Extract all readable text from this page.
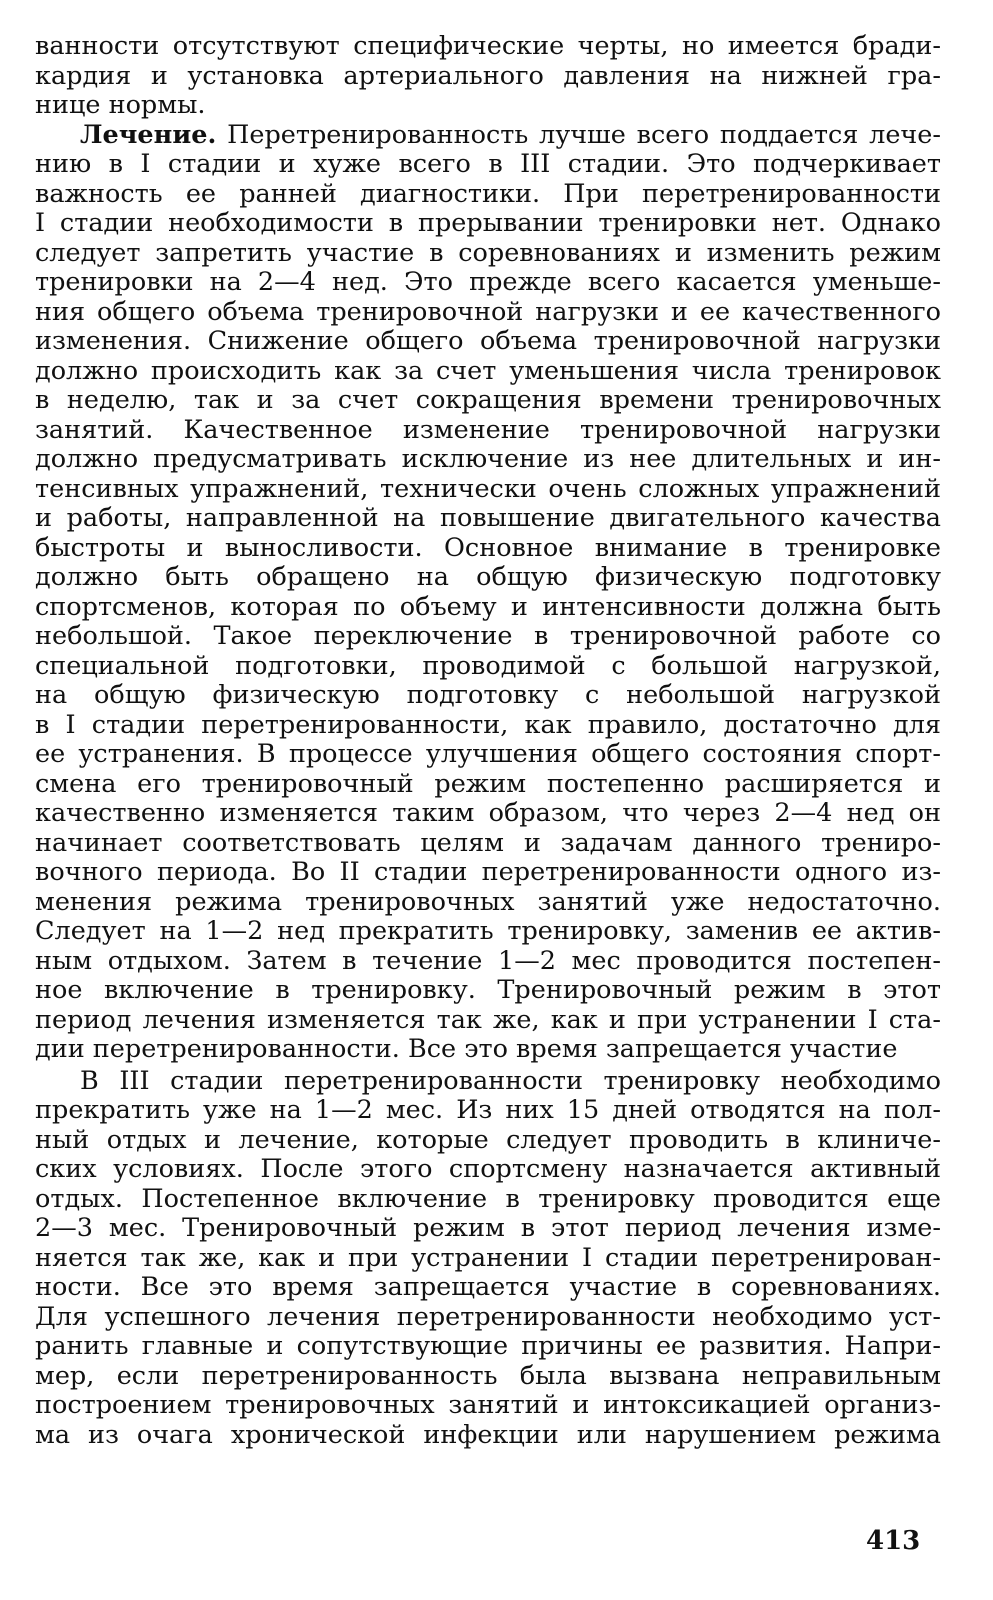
ванности отсутствуют специфические черты, но имеется бради-
кардия и установка артериального давления на нижней гра-
нице нормы.
Лечение. Перетренированность лучше всего поддается лече-
нию в I стадии и хуже всего в III стадии. Это подчеркивает
важность ее ранней диагностики. При перетренированности
I стадии необходимости в прерывании тренировки нет. Однако
следует запретить участие в соревнованиях и изменить режим
тренировки на 2—4 нед. Это прежде всего касается уменьше-
ния общего объема тренировочной нагрузки и ее качественного
изменения. Снижение общего объема тренировочной нагрузки
должно происходить как за счет уменьшения числа тренировок
в неделю, так и за счет сокращения времени тренировочных
занятий. Качественное изменение тренировочной нагрузки
должно предусматривать исключение из нее длительных и ин-
тенсивных упражнений, технически очень сложных упражнений
и работы, направленной на повышение двигательного качества
быстроты и выносливости. Основное внимание в тренировке
должно быть обращено на общую физическую подготовку
спортсменов, которая по объему и интенсивности должна быть
небольшой. Такое переключение в тренировочной работе со
специальной подготовки, проводимой с большой нагрузкой,
на общую физическую подготовку с небольшой нагрузкой
в I стадии перетренированности, как правило, достаточно для
ее устранения. В процессе улучшения общего состояния спорт-
смена его тренировочный режим постепенно расширяется и
качественно изменяется таким образом, что через 2—4 нед он
начинает соответствовать целям и задачам данного трениро-
вочного периода. Во II стадии перетренированности одного из-
менения режима тренировочных занятий уже недостаточно.
Следует на 1—2 нед прекратить тренировку, заменив ее актив-
ным отдыхом. Затем в течение 1—2 мес проводится постепен-
ное включение в тренировку. Тренировочный режим в этот
период лечения изменяется так же, как и при устранении I ста-
дии перетренированности. Все это время запрещается участие
В III стадии перетренированности тренировку необходимо
прекратить уже на 1—2 мес. Из них 15 дней отводятся на пол-
ный отдых и лечение, которые следует проводить в клиниче-
ских условиях. После этого спортсмену назначается активный
отдых. Постепенное включение в тренировку проводится еще
2—3 мес. Тренировочный режим в этот период лечения изме-
няется так же, как и при устранении I стадии перетренирован-
ности. Все это время запрещается участие в соревнованиях.
Для успешного лечения перетренированности необходимо уст-
ранить главные и сопутствующие причины ее развития. Напри-
мер, если перетренированность была вызвана неправильным
построением тренировочных занятий и интоксикацией организ-
ма из очага хронической инфекции или нарушением режима
413
